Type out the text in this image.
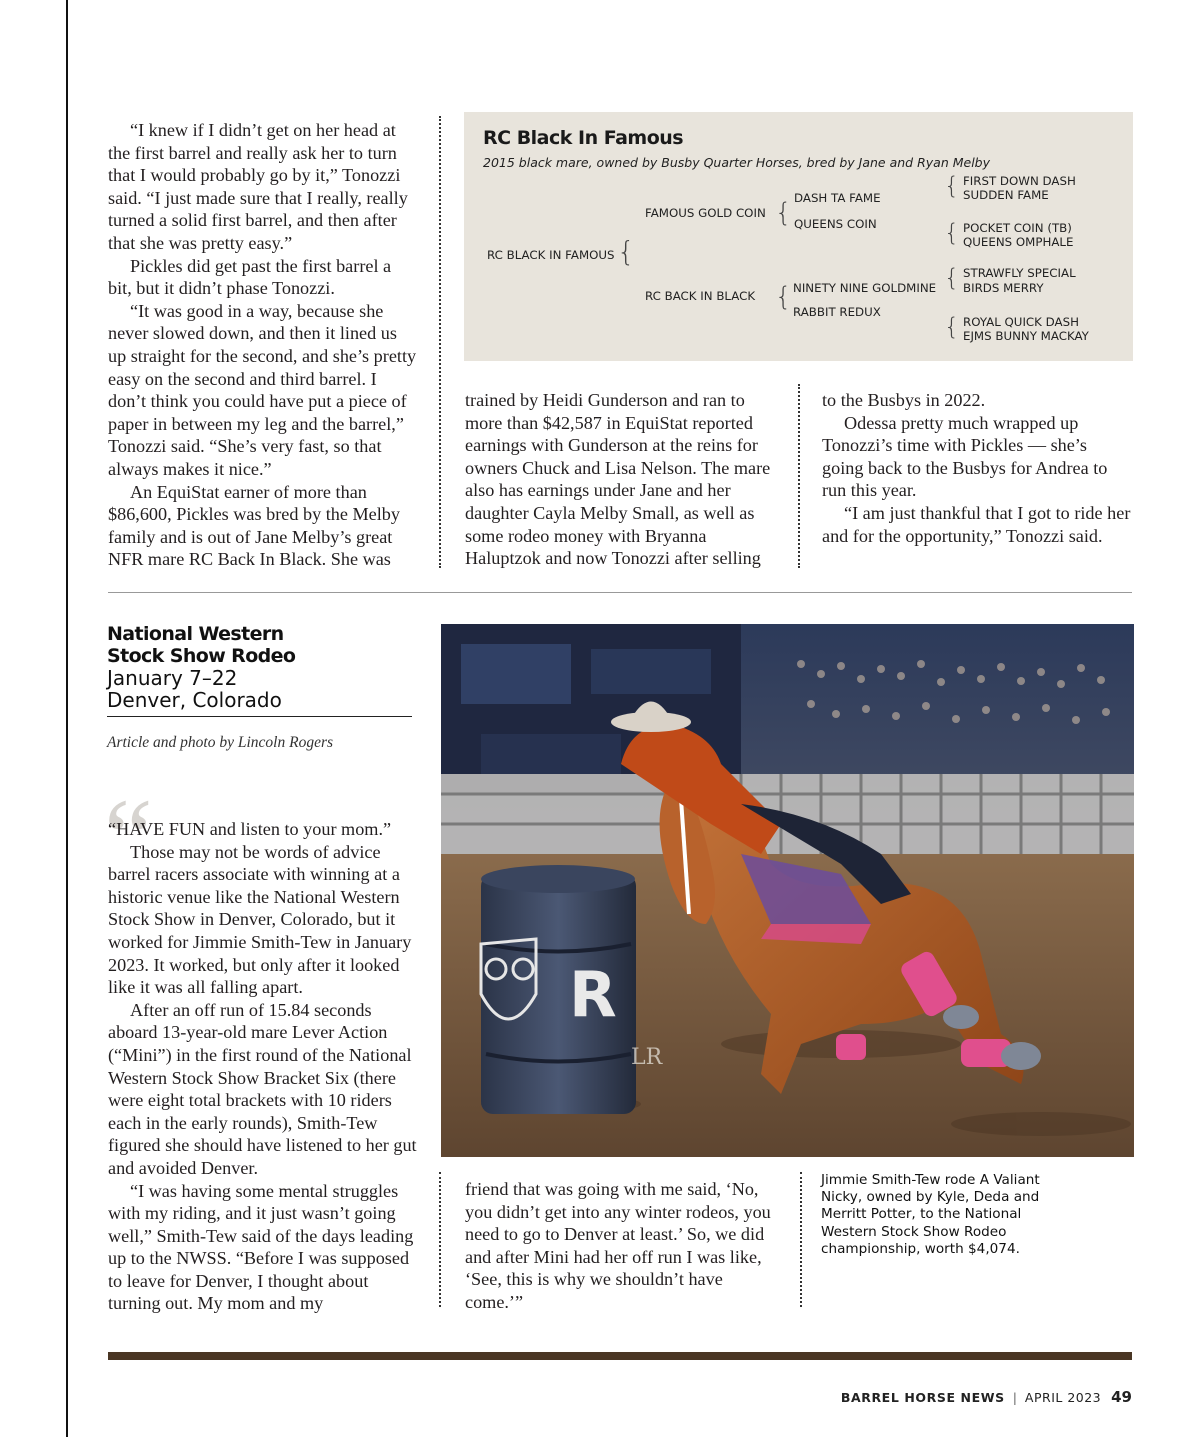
“I knew if I didn’t get on her head at the first barrel and really ask her to turn that I would probably go by it,” Tonozzi said. “I just made sure that I really, really turned a solid first barrel, and then after that she was pretty easy.”

Pickles did get past the first barrel a bit, but it didn’t phase Tonozzi.

“It was good in a way, because she never slowed down, and then it lined us up straight for the second, and she’s pretty easy on the second and third barrel. I don’t think you could have put a piece of paper in between my leg and the barrel,” Tonozzi said. “She’s very fast, so that always makes it nice.”

An EquiStat earner of more than $86,600, Pickles was bred by the Melby family and is out of Jane Melby’s great NFR mare RC Back In Black. She was

RC Black In Famous
2015 black mare, owned by Busby Quarter Horses, bred by Jane and Ryan Melby
RC BLACK IN FAMOUS {
FAMOUS GOLD COIN
RC BACK IN BLACK
{
{
DASH TA FAME
QUEENS COIN
NINETY NINE GOLDMINE
RABBIT REDUX
{ FIRST DOWN DASH
SUDDEN FAME
{ POCKET COIN (TB)
QUEENS OMPHALE
{ STRAWFLY SPECIAL
BIRDS MERRY
{ ROYAL QUICK DASH
EJMS BUNNY MACKAY

trained by Heidi Gunderson and ran to more than $42,587 in EquiStat reported earnings with Gunderson at the reins for owners Chuck and Lisa Nelson. The mare also has earnings under Jane and her daughter Cayla Melby Small, as well as some rodeo money with Bryanna Haluptzok and now Tonozzi after selling

to the Busbys in 2022.

Odessa pretty much wrapped up Tonozzi’s time with Pickles — she’s going back to the Busbys for Andrea to run this year.

“I am just thankful that I got to ride her and for the opportunity,” Tonozzi said.

National Western
Stock Show Rodeo
January 7–22
Denver, Colorado
Article and photo by Lincoln Rogers
“

“HAVE FUN and listen to your mom.”

Those may not be words of advice barrel racers associate with winning at a historic venue like the National Western Stock Show in Denver, Colorado, but it worked for Jimmie Smith-Tew in January 2023. It worked, but only after it looked like it was all falling apart.

After an off run of 15.84 seconds aboard 13-year-old mare Lever Action (“Mini”) in the first round of the National Western Stock Show Bracket Six (there were eight total brackets with 10 riders each in the early rounds), Smith-Tew figured she should have listened to her gut and avoided Denver.

“I was having some mental struggles with my riding, and it just wasn’t going well,” Smith-Tew said of the days leading up to the NWSS. “Before I was supposed to leave for Denver, I thought about turning out. My mom and my

R
LR

friend that was going with me said, ‘No, you didn’t get into any winter rodeos, you need to go to Denver at least.’ So, we did and after Mini had her off run I was like, ‘See, this is why we shouldn’t have come.’”

Jimmie Smith-Tew rode A Valiant Nicky, owned by Kyle, Deda and Merritt Potter, to the National Western Stock Show Rodeo championship, worth $4,074.
BARREL HORSE NEWS | APRIL 2023 49
